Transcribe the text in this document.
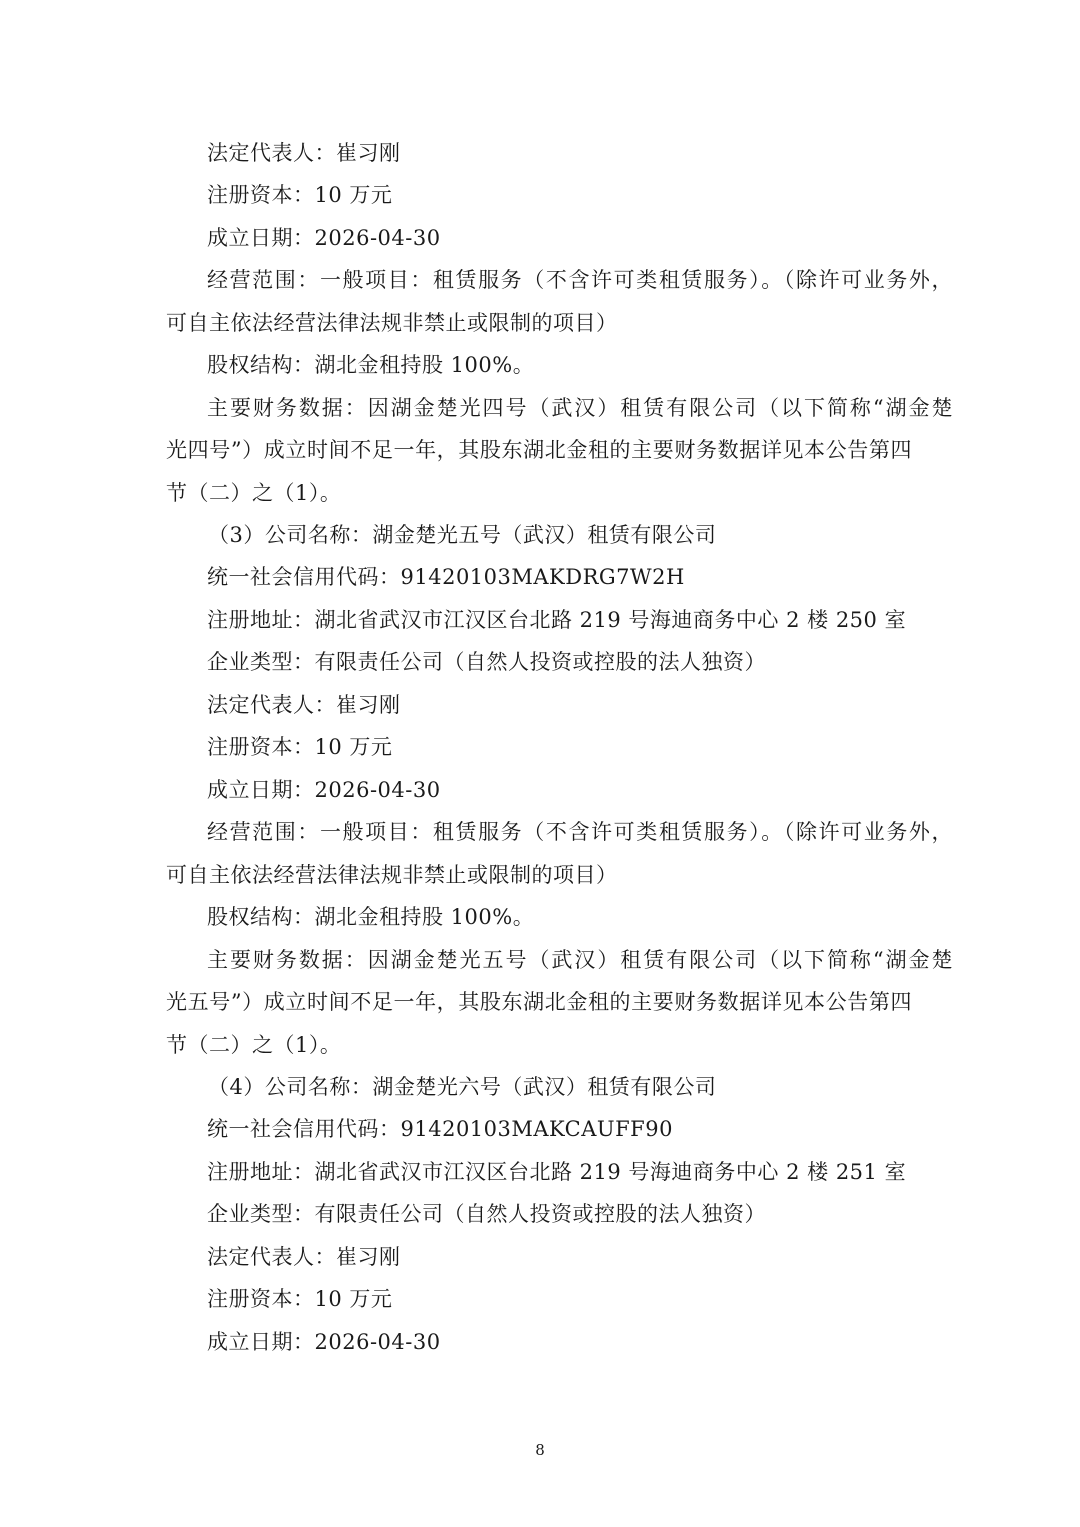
法定代表人：崔习刚
注册资本：10 万元
成立日期：2026-04-30
经营范围：一般项目：租赁服务（不含许可类租赁服务）。（除许可业务外，
可自主依法经营法律法规非禁止或限制的项目）
股权结构：湖北金租持股 100%。
主要财务数据：因湖金楚光四号（武汉）租赁有限公司（以下简称“湖金楚
光四号”）成立时间不足一年，其股东湖北金租的主要财务数据详见本公告第四
节（二）之（1）。
（3）公司名称：湖金楚光五号（武汉）租赁有限公司
统一社会信用代码：91420103MAKDRG7W2H
注册地址：湖北省武汉市江汉区台北路 219 号海迪商务中心 2 楼 250 室
企业类型：有限责任公司（自然人投资或控股的法人独资）
法定代表人：崔习刚
注册资本：10 万元
成立日期：2026-04-30
经营范围：一般项目：租赁服务（不含许可类租赁服务）。（除许可业务外，
可自主依法经营法律法规非禁止或限制的项目）
股权结构：湖北金租持股 100%。
主要财务数据：因湖金楚光五号（武汉）租赁有限公司（以下简称“湖金楚
光五号”）成立时间不足一年，其股东湖北金租的主要财务数据详见本公告第四
节（二）之（1）。
（4）公司名称：湖金楚光六号（武汉）租赁有限公司
统一社会信用代码：91420103MAKCAUFF90
注册地址：湖北省武汉市江汉区台北路 219 号海迪商务中心 2 楼 251 室
企业类型：有限责任公司（自然人投资或控股的法人独资）
法定代表人：崔习刚
注册资本：10 万元
成立日期：2026-04-30
8
